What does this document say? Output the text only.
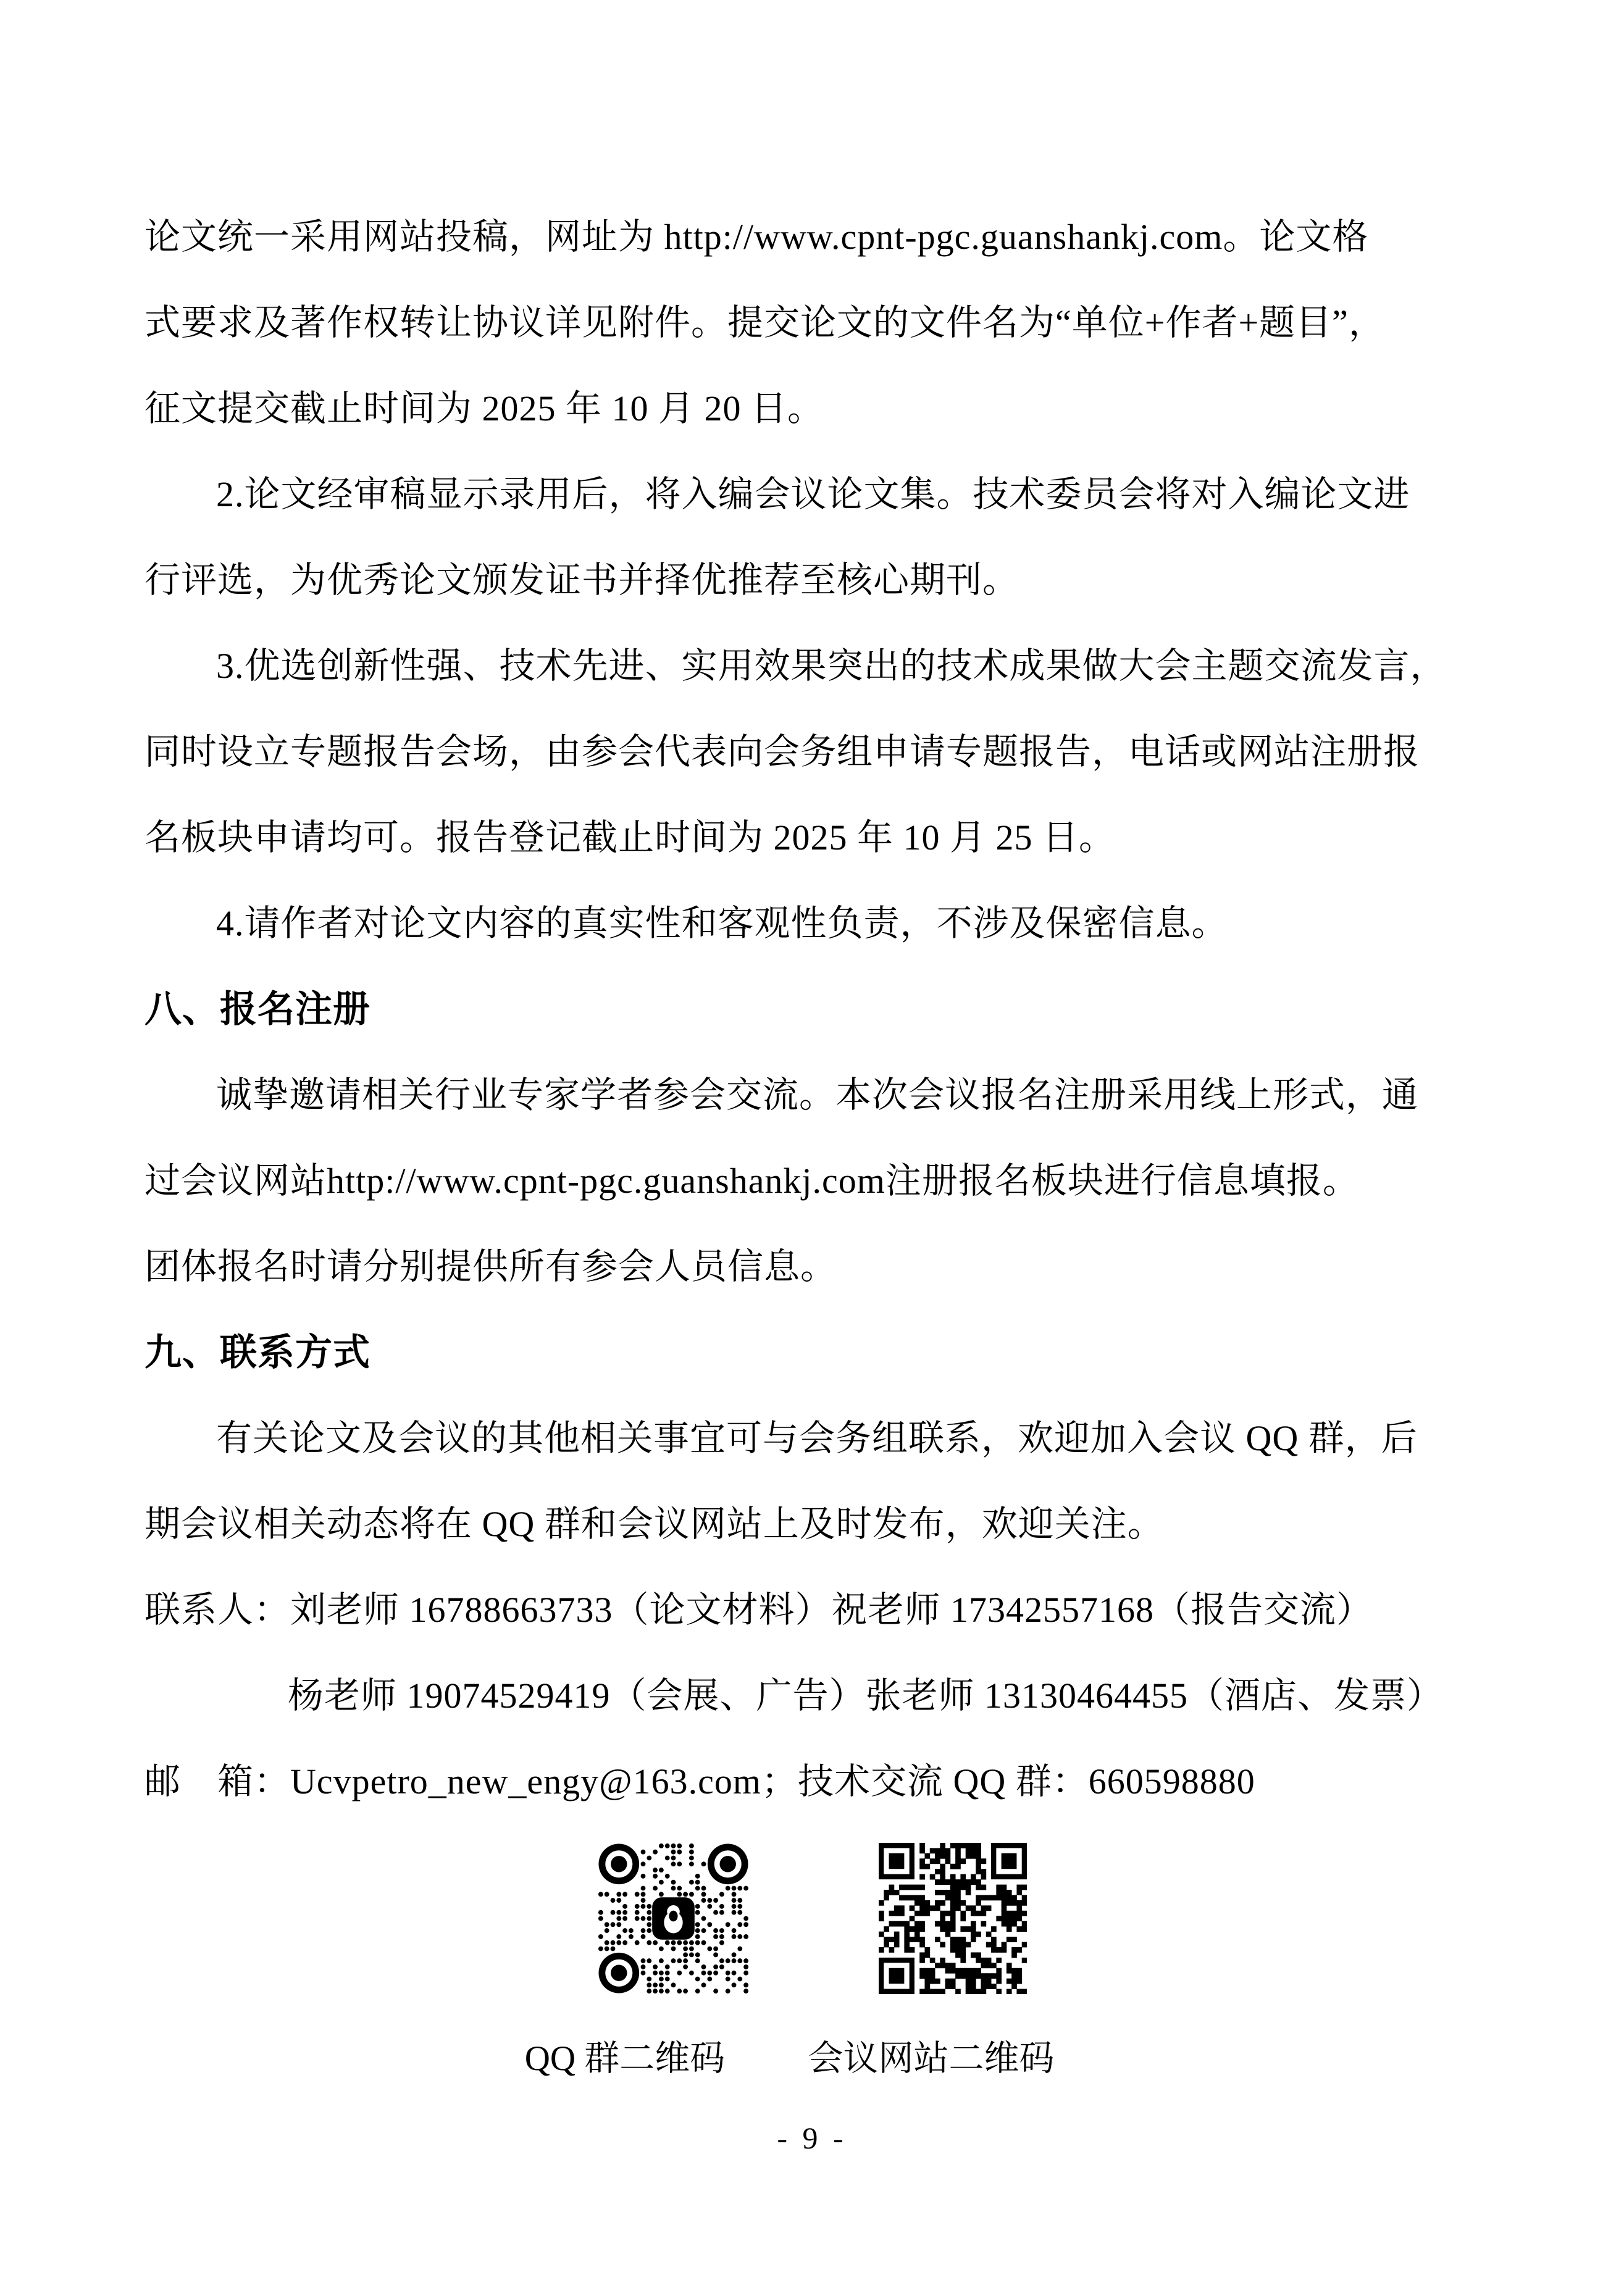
论文统一采用网站投稿，网址为 http://www.cpnt-pgc.guanshankj.com。论文格
式要求及著作权转让协议详见附件。提交论文的文件名为“单位+作者+题目”，
征文提交截止时间为 2025 年 10 月 20 日。
2.论文经审稿显示录用后，将入编会议论文集。技术委员会将对入编论文进
行评选，为优秀论文颁发证书并择优推荐至核心期刊。
3.优选创新性强、技术先进、实用效果突出的技术成果做大会主题交流发言，
同时设立专题报告会场，由参会代表向会务组申请专题报告，电话或网站注册报
名板块申请均可。报告登记截止时间为 2025 年 10 月 25 日。
4.请作者对论文内容的真实性和客观性负责，不涉及保密信息。
八、报名注册
诚挚邀请相关行业专家学者参会交流。本次会议报名注册采用线上形式，通
过会议网站http://www.cpnt-pgc.guanshankj.com注册报名板块进行信息填报。
团体报名时请分别提供所有参会人员信息。
九、联系方式
有关论文及会议的其他相关事宜可与会务组联系，欢迎加入会议 QQ 群，后
期会议相关动态将在 QQ 群和会议网站上及时发布，欢迎关注。
联系人：刘老师 16788663733（论文材料）祝老师 17342557168（报告交流）
杨老师 19074529419（会展、广告）张老师 13130464455（酒店、发票）
邮　箱：Ucvpetro_new_engy@163.com；技术交流 QQ 群：660598880
QQ 群二维码 会议网站二维码
- 9 -
